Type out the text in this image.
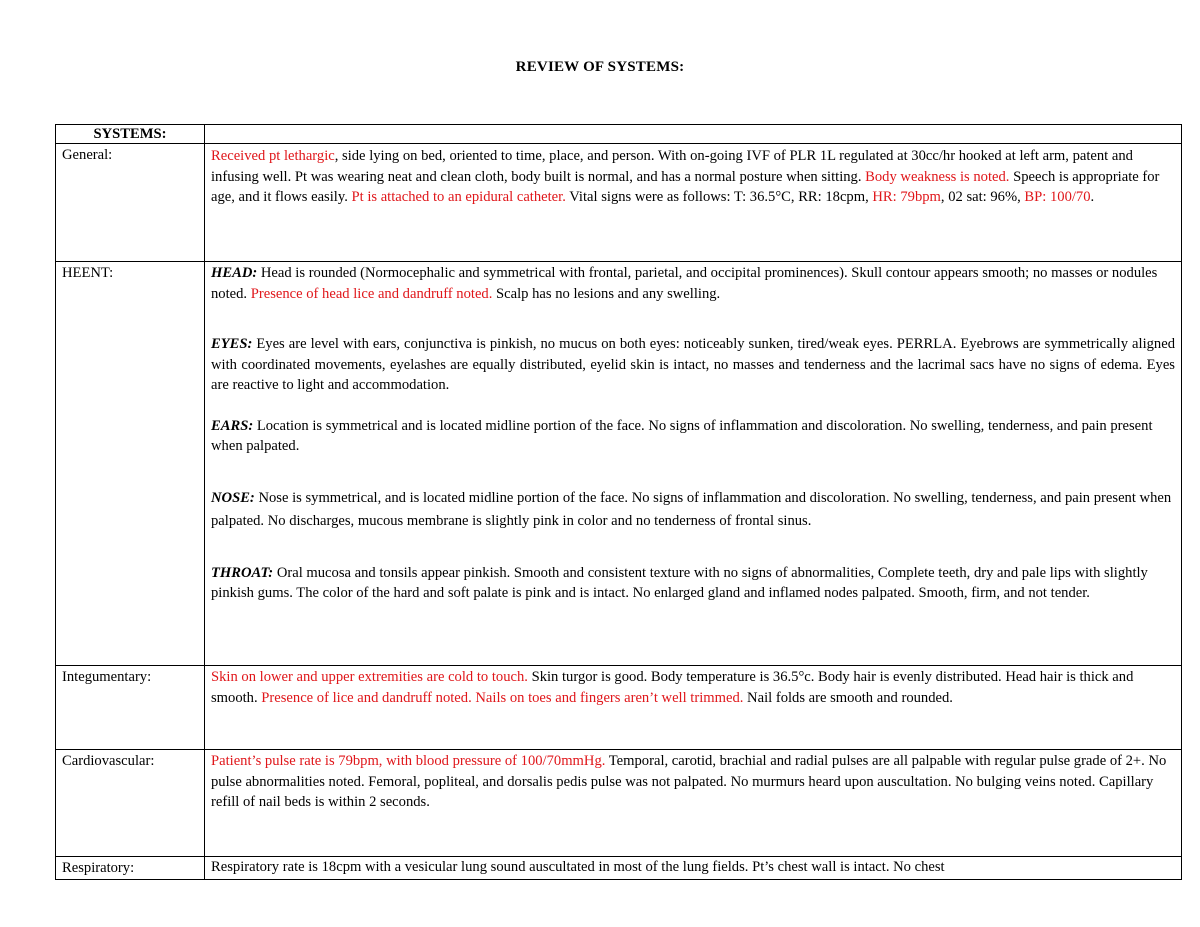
REVIEW OF SYSTEMS:
SYSTEMS:	
General:	Received pt lethargic, side lying on bed, oriented to time, place, and person. With on-going IVF of PLR 1L regulated at 30cc/hr hooked at left arm, patent and infusing well. Pt was wearing neat and clean cloth, body built is normal, and has a normal posture when sitting. Body weakness is noted. Speech is appropriate for age, and it flows easily. Pt is attached to an epidural catheter. Vital signs were as follows: T: 36.5°C, RR: 18cpm, HR: 79bpm, 02 sat: 96%, BP: 100/70.

HEENT:	HEAD: Head is rounded (Normocephalic and symmetrical with frontal, parietal, and occipital prominences). Skull contour appears smooth; no masses or nodules noted. Presence of head lice and dandruff noted. Scalp has no lesions and any swelling.

EYES: Eyes are level with ears, conjunctiva is pinkish, no mucus on both eyes: noticeably sunken, tired/weak eyes. PERRLA. Eyebrows are symmetrically aligned with coordinated movements, eyelashes are equally distributed, eyelid skin is intact, no masses and tenderness and the lacrimal sacs have no signs of edema. Eyes are reactive to light and accommodation.

EARS: Location is symmetrical and is located midline portion of the face. No signs of inflammation and discoloration. No swelling, tenderness, and pain present when palpated.

NOSE: Nose is symmetrical, and is located midline portion of the face. No signs of inflammation and discoloration. No swelling, tenderness, and pain present when palpated. No discharges, mucous membrane is slightly pink in color and no tenderness of frontal sinus.

THROAT: Oral mucosa and tonsils appear pinkish. Smooth and consistent texture with no signs of abnormalities, Complete teeth, dry and pale lips with slightly pinkish gums. The color of the hard and soft palate is pink and is intact. No enlarged gland and inflamed nodes palpated. Smooth, firm, and not tender.

Integumentary:	Skin on lower and upper extremities are cold to touch. Skin turgor is good. Body temperature is 36.5°c. Body hair is evenly distributed. Head hair is thick and smooth. Presence of lice and dandruff noted. Nails on toes and fingers aren’t well trimmed. Nail folds are smooth and rounded.

Cardiovascular:	Patient’s pulse rate is 79bpm, with blood pressure of 100/70mmHg. Temporal, carotid, brachial and radial pulses are all palpable with regular pulse grade of 2+. No pulse abnormalities noted. Femoral, popliteal, and dorsalis pedis pulse was not palpated. No murmurs heard upon auscultation. No bulging veins noted. Capillary refill of nail beds is within 2 seconds.

Respiratory:	Respiratory rate is 18cpm with a vesicular lung sound auscultated in most of the lung fields. Pt’s chest wall is intact. No chest
